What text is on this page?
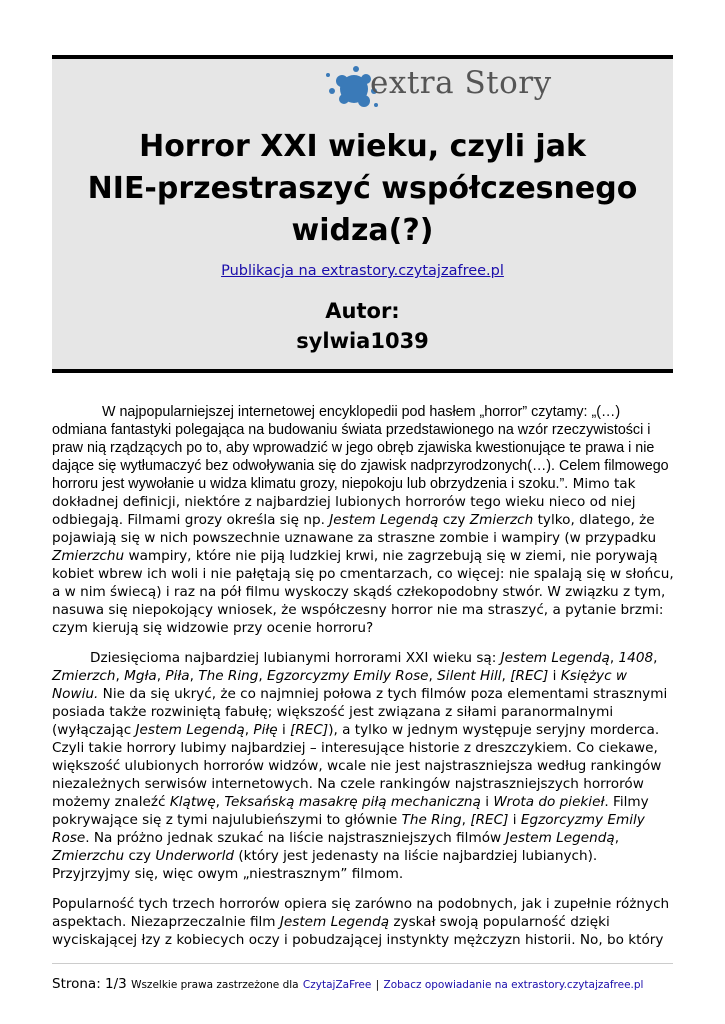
extra Story
Horror XXI wieku, czyli jak
NIE-przestraszyć współczesnego
widza(?)
Publikacja na extrastory.czytajzafree.pl
Autor:
sylwia1039

W najpopularniejszej internetowej encyklopedii pod hasłem „horror” czytamy: „(…) odmiana fantastyki polegająca na budowaniu świata przedstawionego na wzór rzeczywistości i praw nią rządzących po to, aby wprowadzić w jego obręb zjawiska kwestionujące te prawa i nie dające się wytłumaczyć bez odwoływania się do zjawisk nadprzyrodzonych(…). Celem filmowego horroru jest wywołanie u widza klimatu grozy, niepokoju lub obrzydzenia i szoku.”. Mimo tak dokładnej definicji, niektóre z najbardziej lubionych horrorów tego wieku nieco od niej odbiegają. Filmami grozy określa się np. Jestem Legendą czy Zmierzch tylko, dlatego, że pojawiają się w nich powszechnie uznawane za straszne zombie i wampiry (w przypadku Zmierzchu wampiry, które nie piją ludzkiej krwi, nie zagrzebują się w ziemi, nie porywają kobiet wbrew ich woli i nie pałętają się po cmentarzach, co więcej: nie spalają się w słońcu, a w nim świecą) i raz na pół filmu wyskoczy skądś człekopodobny stwór. W związku z tym, nasuwa się niepokojący wniosek, że współczesny horror nie ma straszyć, a pytanie brzmi: czym kierują się widzowie przy ocenie horroru?

Dziesięcioma najbardziej lubianymi horrorami XXI wieku są: Jestem Legendą, 1408, Zmierzch, Mgła, Piła, The Ring, Egzorcyzmy Emily Rose, Silent Hill, [REC] i Księżyc w Nowiu. Nie da się ukryć, że co najmniej połowa z tych filmów poza elementami strasznymi posiada także rozwiniętą fabułę; większość jest związana z siłami paranormalnymi (wyłączając Jestem Legendą, Piłę i [REC]), a tylko w jednym występuje seryjny morderca. Czyli takie horrory lubimy najbardziej – interesujące historie z dreszczykiem. Co ciekawe, większość ulubionych horrorów widzów, wcale nie jest najstraszniejsza według rankingów niezależnych serwisów internetowych. Na czele rankingów najstraszniejszych horrorów możemy znaleźć Klątwę, Teksańską masakrę piłą mechaniczną i Wrota do piekieł. Filmy pokrywające się z tymi najulubieńszymi to głównie The Ring, [REC] i Egzorcyzmy Emily Rose. Na próżno jednak szukać na liście najstraszniejszych filmów Jestem Legendą, Zmierzchu czy Underworld (który jest jedenasty na liście najbardziej lubianych). Przyjrzyjmy się, więc owym „niestrasznym” filmom.

Popularność tych trzech horrorów opiera się zarówno na podobnych, jak i zupełnie różnych aspektach. Niezaprzeczalnie film Jestem Legendą zyskał swoją popularność dzięki wyciskającej łzy z kobiecych oczy i pobudzającej instynkty mężczyzn historii. No, bo który

Strona: 1/3 Wszelkie prawa zastrzeżone dla CzytajZaFree | Zobacz opowiadanie na extrastory.czytajzafree.pl
